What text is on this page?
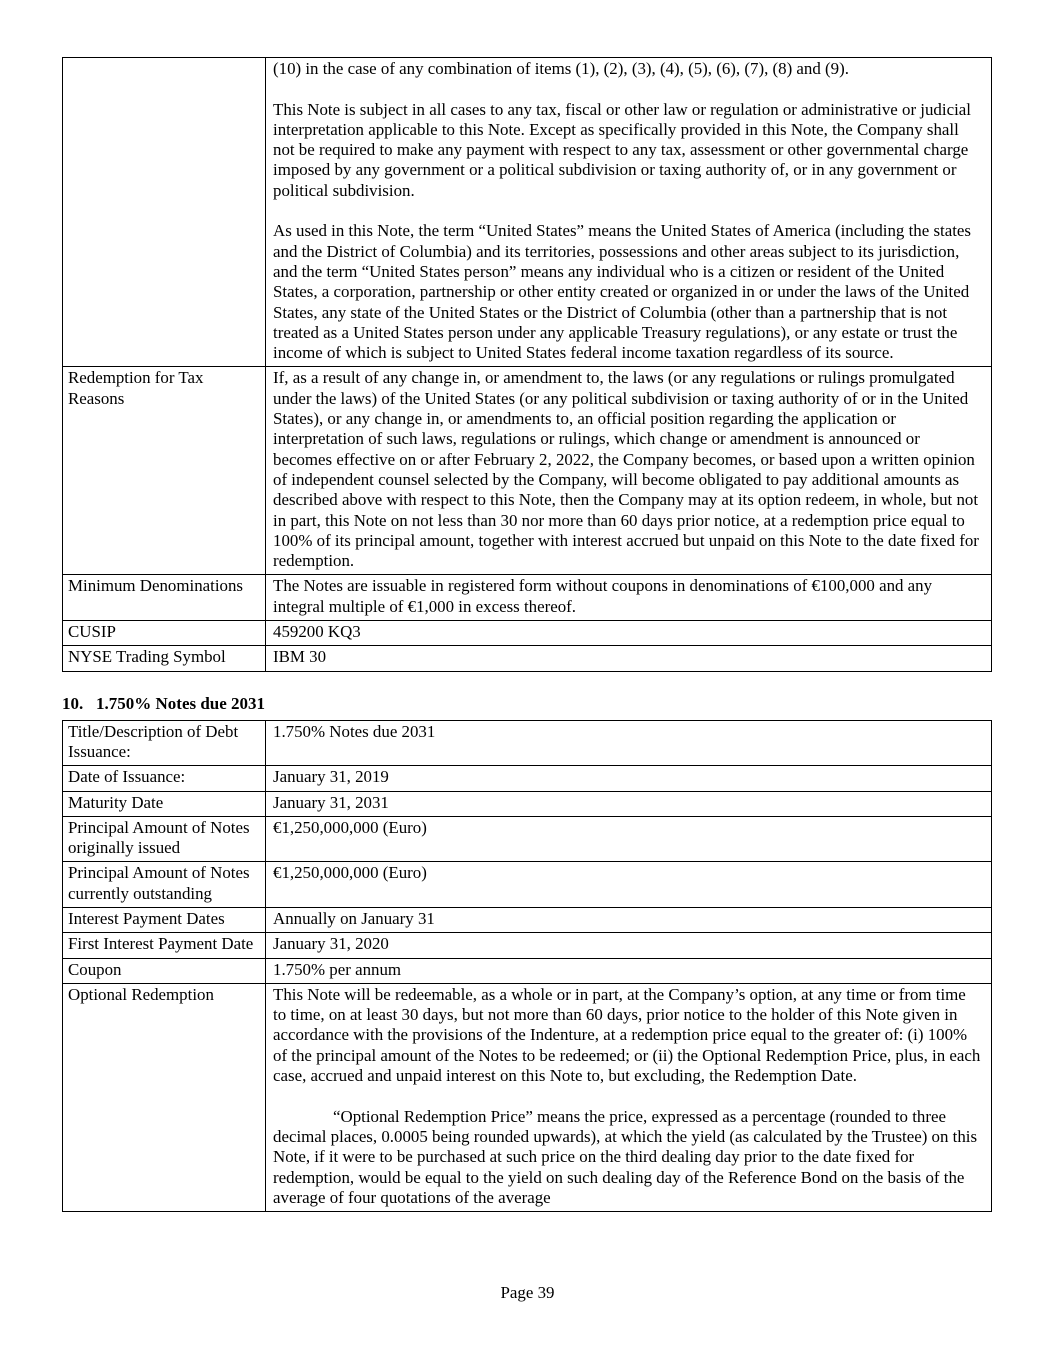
	(10) in the case of any combination of items (1), (2), (3), (4), (5), (6), (7), (8) and (9).

This Note is subject in all cases to any tax, fiscal or other law or regulation or administrative or judicial interpretation applicable to this Note. Except as specifically provided in this Note, the Company shall not be required to make any payment with respect to any tax, assessment or other governmental charge imposed by any government or a political subdivision or taxing authority of, or in any government or political subdivision.

As used in this Note, the term “United States” means the United States of America (including the states and the District of Columbia) and its territories, possessions and other areas subject to its jurisdiction, and the term “United States person” means any individual who is a citizen or resident of the United States, a corporation, partnership or other entity created or organized in or under the laws of the United States, any state of the United States or the District of Columbia (other than a partnership that is not treated as a United States person under any applicable Treasury regulations), or any estate or trust the income of which is subject to United States federal income taxation regardless of its source.

Redemption for Tax Reasons	If, as a result of any change in, or amendment to, the laws (or any regulations or rulings promulgated under the laws) of the United States (or any political subdivision or taxing authority of or in the United States), or any change in, or amendments to, an official position regarding the application or interpretation of such laws, regulations or rulings, which change or amendment is announced or becomes effective on or after February 2, 2022, the Company becomes, or based upon a written opinion of independent counsel selected by the Company, will become obligated to pay additional amounts as described above with respect to this Note, then the Company may at its option redeem, in whole, but not in part, this Note on not less than 30 nor more than 60 days prior notice, at a redemption price equal to 100% of its principal amount, together with interest accrued but unpaid on this Note to the date fixed for redemption.

Minimum Denominations	The Notes are issuable in registered form without coupons in denominations of €100,000 and any integral multiple of €1,000 in excess thereof.

CUSIP	459200 KQ3

NYSE Trading Symbol	IBM 30

10. 1.750% Notes due 2031
Title/Description of Debt Issuance:	1.750% Notes due 2031

Date of Issuance:	January 31, 2019

Maturity Date	January 31, 2031

Principal Amount of Notes originally issued	€1,250,000,000 (Euro)

Principal Amount of Notes currently outstanding	€1,250,000,000 (Euro)

Interest Payment Dates	Annually on January 31

First Interest Payment Date	January 31, 2020

Coupon	1.750% per annum

Optional Redemption	This Note will be redeemable, as a whole or in part, at the Company’s option, at any time or from time to time, on at least 30 days, but not more than 60 days, prior notice to the holder of this Note given in accordance with the provisions of the Indenture, at a redemption price equal to the greater of: (i) 100% of the principal amount of the Notes to be redeemed; or (ii) the Optional Redemption Price, plus, in each case, accrued and unpaid interest on this Note to, but excluding, the Redemption Date.

“Optional Redemption Price” means the price, expressed as a percentage (rounded to three decimal places, 0.0005 being rounded upwards), at which the yield (as calculated by the Trustee) on this Note, if it were to be purchased at such price on the third dealing day prior to the date fixed for redemption, would be equal to the yield on such dealing day of the Reference Bond on the basis of the average of four quotations of the average

Page 39
